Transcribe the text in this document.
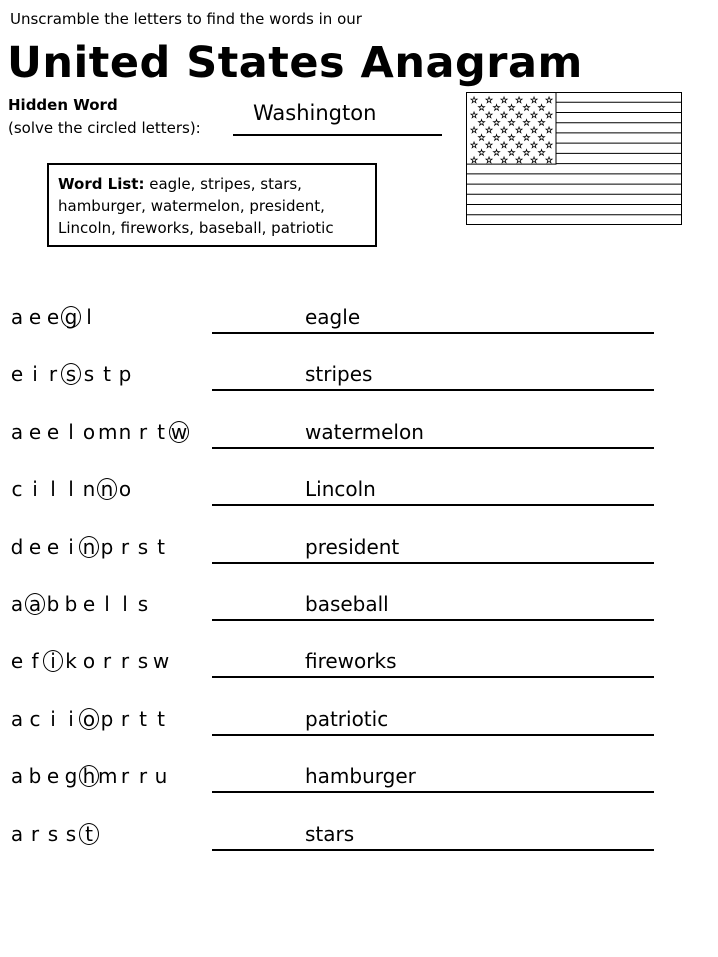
Unscramble the letters to find the words in our
United States Anagram
Hidden Word
(solve the circled letters):
Washington
Word List: eagle, stripes, stars,
hamburger, watermelon, president,
Lincoln, fireworks, baseball, patriotic
☆ ☆ ☆ ☆ ☆ ☆
☆ ☆ ☆ ☆ ☆
☆ ☆ ☆ ☆ ☆ ☆
☆ ☆ ☆ ☆ ☆
☆ ☆ ☆ ☆ ☆ ☆
☆ ☆ ☆ ☆ ☆
☆ ☆ ☆ ☆ ☆ ☆
☆ ☆ ☆ ☆ ☆
☆ ☆ ☆ ☆ ☆ ☆
a e e g l	eagle
e i r s s t p	stripes
a e e l o mn r t w	watermelon
c i l l n n o	Lincoln
d e e i n p r s t	president
a a b b e l l s	baseball
e f i k o r r s w	fireworks
a c i i o p r t t	patriotic
a b e g h m r r u	hamburger
a r s s t	stars
